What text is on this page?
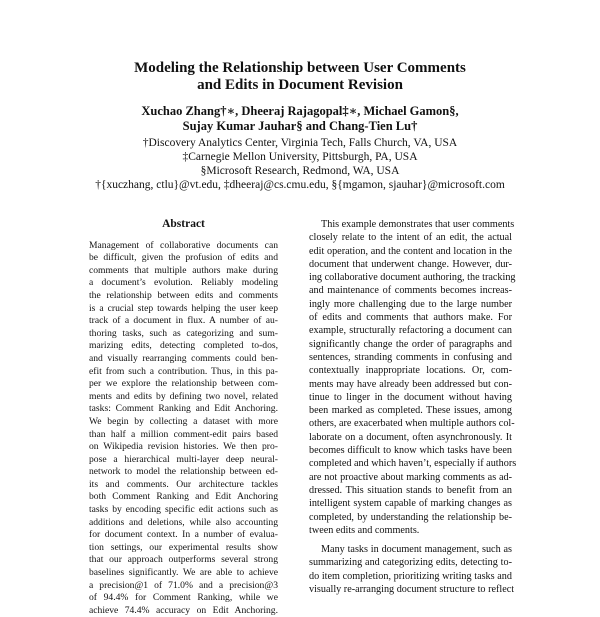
Modeling the Relationship between User Comments
and Edits in Document Revision
Xuchao Zhang†∗, Dheeraj Rajagopal‡∗, Michael Gamon§,
Sujay Kumar Jauhar§ and Chang-Tien Lu†
†Discovery Analytics Center, Virginia Tech, Falls Church, VA, USA
‡Carnegie Mellon University, Pittsburgh, PA, USA
§Microsoft Research, Redmond, WA, USA
†{xuczhang, ctlu}@vt.edu, ‡dheeraj@cs.cmu.edu, §{mgamon, sjauhar}@microsoft.com
Abstract
Management of collaborative documents can
be difficult, given the profusion of edits and
comments that multiple authors make during
a document’s evolution. Reliably modeling
the relationship between edits and comments
is a crucial step towards helping the user keep
track of a document in flux. A number of au-
thoring tasks, such as categorizing and sum-
marizing edits, detecting completed to-dos,
and visually rearranging comments could ben-
efit from such a contribution. Thus, in this pa-
per we explore the relationship between com-
ments and edits by defining two novel, related
tasks: Comment Ranking and Edit Anchoring.
We begin by collecting a dataset with more
than half a million comment-edit pairs based
on Wikipedia revision histories. We then pro-
pose a hierarchical multi-layer deep neural-
network to model the relationship between ed-
its and comments. Our architecture tackles
both Comment Ranking and Edit Anchoring
tasks by encoding specific edit actions such as
additions and deletions, while also accounting
for document context. In a number of evalua-
tion settings, our experimental results show
that our approach outperforms several strong
baselines significantly. We are able to achieve
a precision@1 of 71.0% and a precision@3
of 94.4% for Comment Ranking, while we
achieve 74.4% accuracy on Edit Anchoring.
This example demonstrates that user comments
closely relate to the intent of an edit, the actual
edit operation, and the content and location in the
document that underwent change. However, dur-
ing collaborative document authoring, the tracking
and maintenance of comments becomes increas-
ingly more challenging due to the large number
of edits and comments that authors make. For
example, structurally refactoring a document can
significantly change the order of paragraphs and
sentences, stranding comments in confusing and
contextually inappropriate locations. Or, com-
ments may have already been addressed but con-
tinue to linger in the document without having
been marked as completed. These issues, among
others, are exacerbated when multiple authors col-
laborate on a document, often asynchronously. It
becomes difficult to know which tasks have been
completed and which haven’t, especially if authors
are not proactive about marking comments as ad-
dressed. This situation stands to benefit from an
intelligent system capable of marking changes as
completed, by understanding the relationship be-
tween edits and comments.
Many tasks in document management, such as
summarizing and categorizing edits, detecting to-
do item completion, prioritizing writing tasks and
visually re-arranging document structure to reflect
